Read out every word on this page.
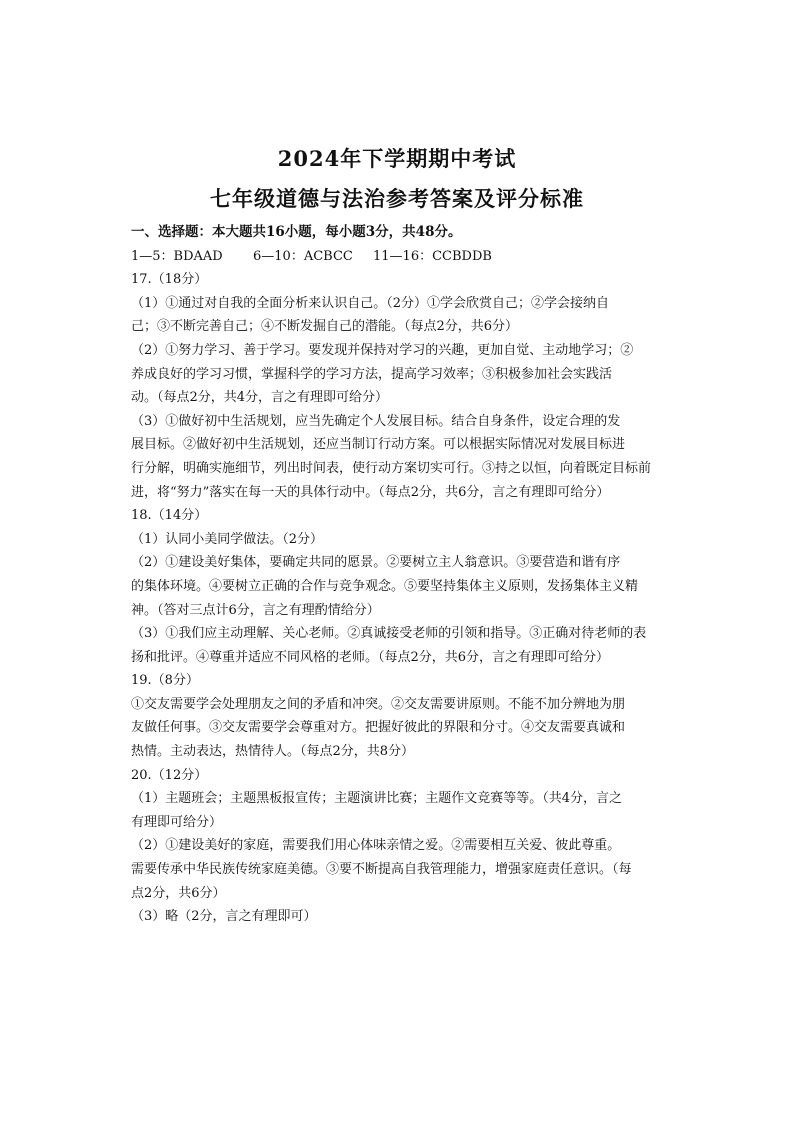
2024年下学期期中考试
七年级道德与法治参考答案及评分标准
一、选择题：本大题共16小题，每小题3分，共48分。
1—5：BDAAD 6—10：ACBCC 11—16：CCBDDB
17.（18分）
（1）①通过对自我的全面分析来认识自己。（2分）①学会欣赏自己；②学会接纳自
己；③不断完善自己；④不断发掘自己的潜能。（每点2分，共6分）
（2）①努力学习、善于学习。要发现并保持对学习的兴趣，更加自觉、主动地学习；②
养成良好的学习习惯，掌握科学的学习方法，提高学习效率；③积极参加社会实践活
动。（每点2分，共4分，言之有理即可给分）
（3）①做好初中生活规划，应当先确定个人发展目标。结合自身条件，设定合理的发
展目标。②做好初中生活规划，还应当制订行动方案。可以根据实际情况对发展目标进
行分解，明确实施细节，列出时间表，使行动方案切实可行。③持之以恒，向着既定目标前
进，将“努力”落实在每一天的具体行动中。（每点2分，共6分，言之有理即可给分）
18.（14分）
（1）认同小美同学做法。（2分）
（2）①建设美好集体，要确定共同的愿景。②要树立主人翁意识。③要营造和谐有序
的集体环境。④要树立正确的合作与竞争观念。⑤要坚持集体主义原则，发扬集体主义精
神。（答对三点计6分，言之有理酌情给分）
（3）①我们应主动理解、关心老师。②真诚接受老师的引领和指导。③正确对待老师的表
扬和批评。④尊重并适应不同风格的老师。（每点2分，共6分，言之有理即可给分）
19.（8分）
①交友需要学会处理朋友之间的矛盾和冲突。②交友需要讲原则。不能不加分辨地为朋
友做任何事。③交友需要学会尊重对方。把握好彼此的界限和分寸。④交友需要真诚和
热情。主动表达，热情待人。（每点2分，共8分）
20.（12分）
（1）主题班会；主题黑板报宣传；主题演讲比赛；主题作文竞赛等等。（共4分，言之
有理即可给分）
（2）①建设美好的家庭，需要我们用心体味亲情之爱。②需要相互关爱、彼此尊重。
需要传承中华民族传统家庭美德。③要不断提高自我管理能力，增强家庭责任意识。（每
点2分，共6分）
（3）略（2分，言之有理即可）
